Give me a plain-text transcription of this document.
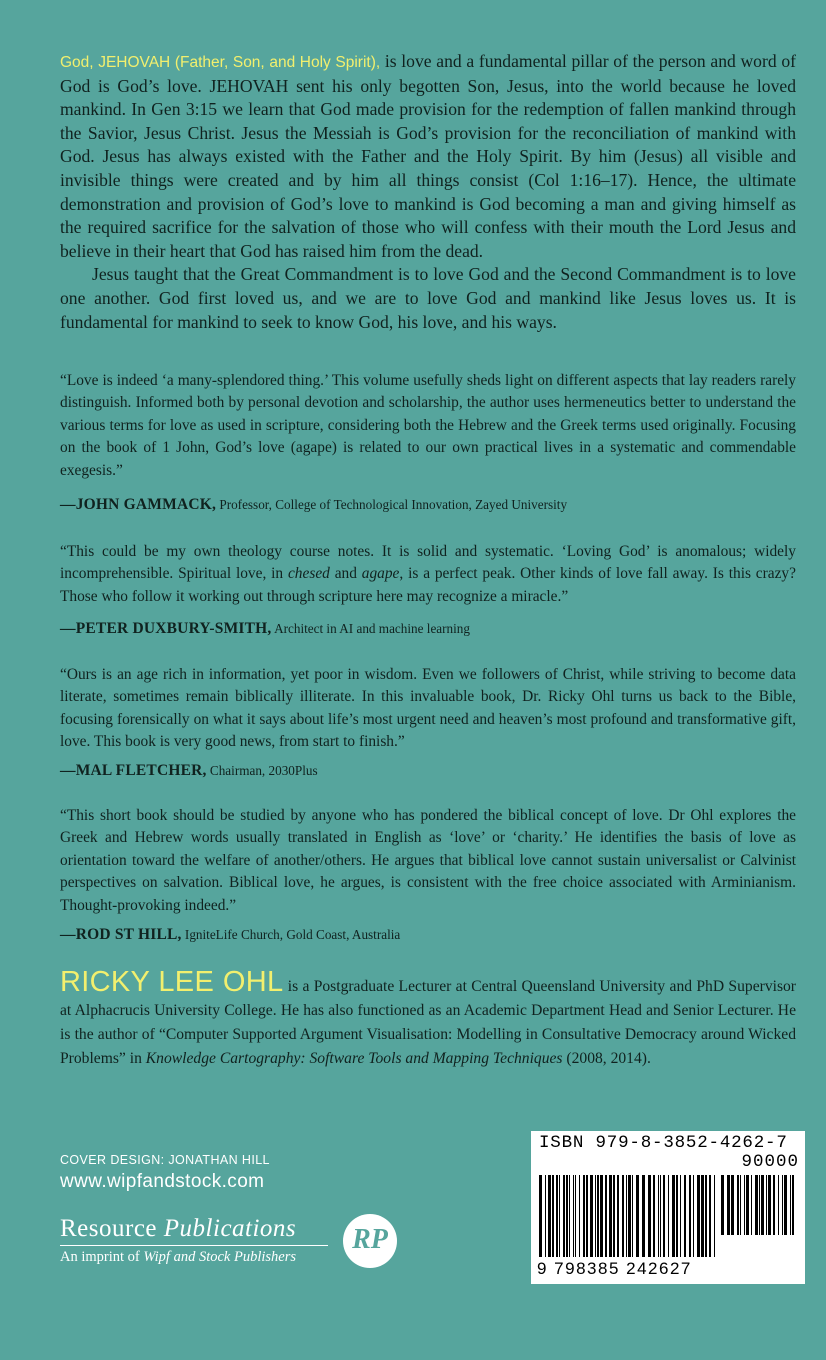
God, JEHOVAH (Father, Son, and Holy Spirit), is love and a fundamental pillar of the person and word of God is God’s love. JEHOVAH sent his only begotten Son, Jesus, into the world because he loved mankind. In Gen 3:15 we learn that God made provision for the redemption of fallen mankind through the Savior, Jesus Christ. Jesus the Messiah is God’s provision for the reconciliation of mankind with God. Jesus has always existed with the Father and the Holy Spirit. By him (Jesus) all visible and invisible things were created and by him all things consist (Col 1:16–17). Hence, the ultimate demonstration and provision of God’s love to mankind is God becoming a man and giving himself as the required sacrifice for the salvation of those who will confess with their mouth the Lord Jesus and believe in their heart that God has raised him from the dead.

Jesus taught that the Great Commandment is to love God and the Second Commandment is to love one another. God first loved us, and we are to love God and mankind like Jesus loves us. It is fundamental for mankind to seek to know God, his love, and his ways.

“Love is indeed ‘a many-splendored thing.’ This volume usefully sheds light on different aspects that lay readers rarely distinguish. Informed both by personal devotion and scholarship, the author uses hermeneutics better to understand the various terms for love as used in scripture, considering both the Hebrew and the Greek terms used originally. Focusing on the book of 1 John, God’s love (agape) is related to our own practical lives in a systematic and commendable exegesis.”

—JOHN GAMMACK, Professor, College of Technological Innovation, Zayed University

“This could be my own theology course notes. It is solid and systematic. ‘Loving God’ is anomalous; widely incomprehensible. Spiritual love, in chesed and agape, is a perfect peak. Other kinds of love fall away. Is this crazy? Those who follow it working out through scripture here may recognize a miracle.”

—PETER DUXBURY-SMITH, Architect in AI and machine learning

“Ours is an age rich in information, yet poor in wisdom. Even we followers of Christ, while striving to become data literate, sometimes remain biblically illiterate. In this invaluable book, Dr. Ricky Ohl turns us back to the Bible, focusing forensically on what it says about life’s most urgent need and heaven’s most profound and transformative gift, love. This book is very good news, from start to finish.”

—MAL FLETCHER, Chairman, 2030Plus

“This short book should be studied by anyone who has pondered the biblical concept of love. Dr Ohl explores the Greek and Hebrew words usually translated in English as ‘love’ or ‘charity.’ He identifies the basis of love as orientation toward the welfare of another/others. He argues that biblical love cannot sustain universalist or Calvinist perspectives on salvation. Biblical love, he argues, is consistent with the free choice associated with Arminianism. Thought-provoking indeed.”

—ROD ST HILL, IgniteLife Church, Gold Coast, Australia
RICKY LEE OHL is a Postgraduate Lecturer at Central Queensland University and PhD Supervisor at Alphacrucis University College. He has also functioned as an Academic Department Head and Senior Lecturer. He is the author of “Computer Supported Argument Visualisation: Modelling in Consultative Democracy around Wicked Problems” in Knowledge Cartography: Software Tools and Mapping Techniques (2008, 2014).
COVER DESIGN: JONATHAN HILL
www.wipfandstock.com
Resource Publications
An imprint of Wipf and Stock Publishers
RP
ISBN 979-8-3852-4262-7
90000
9 798385 242627
